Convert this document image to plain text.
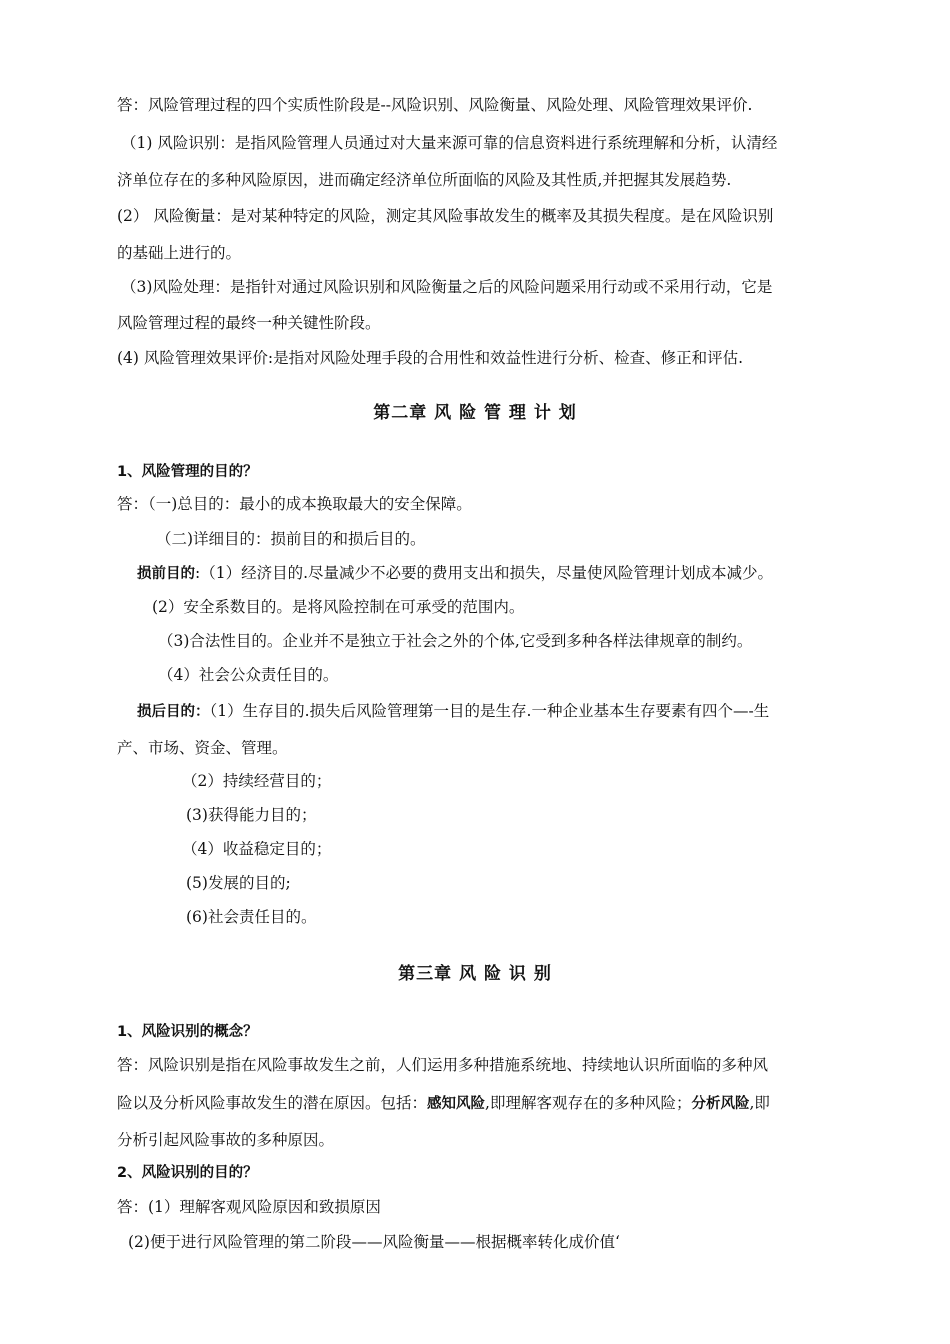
答：风险管理过程的四个实质性阶段是--风险识别、风险衡量、风险处理、风险管理效果评价.
（1) 风险识别：是指风险管理人员通过对大量来源可靠的信息资料进行系统理解和分析，认清经
济单位存在的多种风险原因，进而确定经济单位所面临的风险及其性质,并把握其发展趋势.
(2） 风险衡量：是对某种特定的风险，测定其风险事故发生的概率及其损失程度。是在风险识别
的基础上进行的。
（3)风险处理：是指针对通过风险识别和风险衡量之后的风险问题采用行动或不采用行动，它是
风险管理过程的最终一种关键性阶段。
(4) 风险管理效果评价:是指对风险处理手段的合用性和效益性进行分析、检查、修正和评估.
第二章 风 险 管 理 计 划
1、风险管理的目的？
答：（一)总目的：最小的成本换取最大的安全保障。
（二)详细目的：损前目的和损后目的。
损前目的:（1）经济目的.尽量减少不必要的费用支出和损失，尽量使风险管理计划成本减少。
(2）安全系数目的。是将风险控制在可承受的范围内。
（3)合法性目的。企业并不是独立于社会之外的个体,它受到多种各样法律规章的制约。
（4）社会公众责任目的。
损后目的：（1）生存目的.损失后风险管理第一目的是生存.一种企业基本生存要素有四个—-生
产、市场、资金、管理。
（2）持续经营目的；
(3)获得能力目的；
（4）收益稳定目的；
(5)发展的目的;
(6)社会责任目的。
第三章 风 险 识 别
1、风险识别的概念？
答：风险识别是指在风险事故发生之前，人们运用多种措施系统地、持续地认识所面临的多种风
险以及分析风险事故发生的潜在原因。包括：感知风险,即理解客观存在的多种风险；分析风险,即
分析引起风险事故的多种原因。
2、风险识别的目的？
答：(1）理解客观风险原因和致损原因
(2)便于进行风险管理的第二阶段——风险衡量——根据概率转化成价值‘
